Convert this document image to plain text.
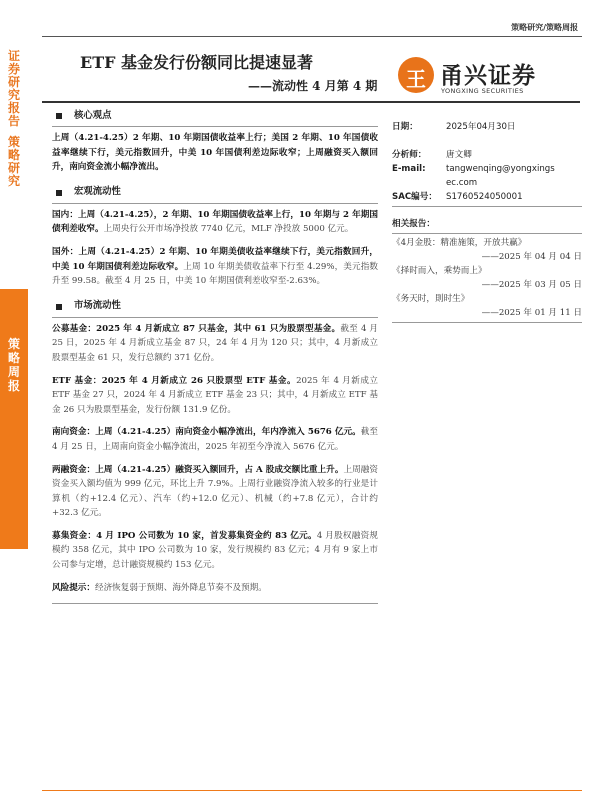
策略研究/策略周报
证
券
研
究
报
告
策
略
研
究
策
略
周
报
ETF 基金发行份额同比提速显著
——流动性 4 月第 4 期	王 甬兴证券
YONGXING SECURITIES
核心观点

上周（4.21-4.25）2 年期、10 年期国债收益率上行；美国 2 年期、10 年国债收益率继续下行，美元指数回升，中美 10 年国债利差边际收窄；上周融资买入额回升，南向资金流小幅净流出。

宏观流动性

国内：上周（4.21-4.25），2 年期、10 年期国债收益率上行，10 年期与 2 年期国债利差收窄。上周央行公开市场净投放 7740 亿元，MLF 净投放 5000 亿元。

国外：上周（4.21-4.25）2 年期、10 年期美债收益率继续下行，美元指数回升，中美 10 年期国债利差边际收窄。上周 10 年期美债收益率下行至 4.29%，美元指数升至 99.58。截至 4 月 25 日，中美 10 年期国债利差收窄至-2.63%。

市场流动性

公募基金：2025 年 4 月新成立 87 只基金，其中 61 只为股票型基金。截至 4 月 25 日，2025 年 4 月新成立基金 87 只，24 年 4 月为 120 只；其中，4 月新成立股票型基金 61 只，发行总额约 371 亿份。

ETF 基金：2025 年 4 月新成立 26 只股票型 ETF 基金。2025 年 4 月新成立 ETF 基金 27 只，2024 年 4 月新成立 ETF 基金 23 只；其中，4 月新成立 ETF 基金 26 只为股票型基金，发行份额 131.9 亿份。

南向资金：上周（4.21-4.25）南向资金小幅净流出，年内净流入 5676 亿元。截至 4 月 25 日，上周南向资金小幅净流出，2025 年初至今净流入 5676 亿元。

两融资金：上周（4.21-4.25）融资买入额回升，占 A 股成交额比重上升。上周融资资金买入额均值为 999 亿元，环比上升 7.9%。上周行业融资净流入较多的行业是计算机（约+12.4 亿元）、汽车（约+12.0 亿元）、机械（约+7.8 亿元），合计约+32.3 亿元。

募集资金：4 月 IPO 公司数为 10 家，首发募集资金约 83 亿元。4 月股权融资规模约 358 亿元，其中 IPO 公司数为 10 家，发行规模约 83 亿元；4 月有 9 家上市公司参与定增，总计融资规模约 153 亿元。

风险提示：经济恢复弱于预期、海外降息节奏不及预期。

日期：	2025年04月30日
分析师：	唐文卿
E-mail:	tangwenqing@yongxingsec.com
SAC编号：	S1760524050001
相关报告：
《4月金股：精准施策，开放共赢》
——2025 年 04 月 04 日
《择时而入，乘势而上》
——2025 年 03 月 05 日
《务天时，則时生》
——2025 年 01 月 11 日
